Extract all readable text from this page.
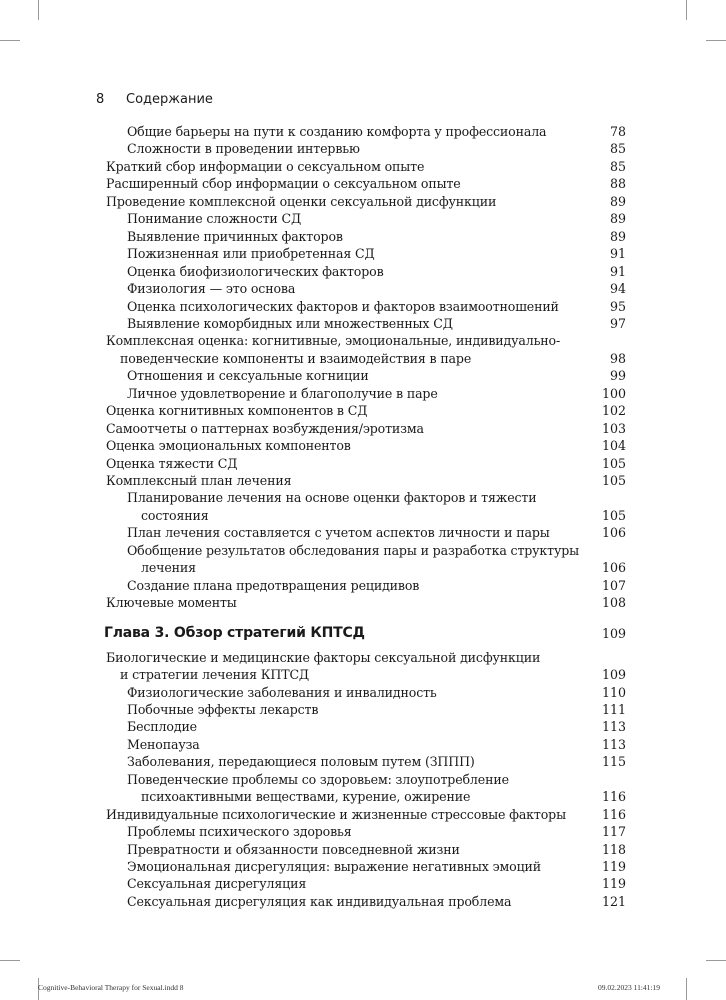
8 Содержание
Общие барьеры на пути к созданию комфорта у профессионала	78
Сложности в проведении интервью	85
Краткий сбор информации о сексуальном опыте	85
Расширенный сбор информации о сексуальном опыте	88
Проведение комплексной оценки сексуальной дисфункции	89
Понимание сложности СД	89
Выявление причинных факторов	89
Пожизненная или приобретенная СД	91
Оценка биофизиологических факторов	91
Физиология — это основа	94
Оценка психологических факторов и факторов взаимоотношений	95
Выявление коморбидных или множественных СД	97
Комплексная оценка: когнитивные, эмоциональные, индивидуально-
поведенческие компоненты и взаимодействия в паре	98
Отношения и сексуальные когниции	99
Личное удовлетворение и благополучие в паре	100
Оценка когнитивных компонентов в СД	102
Самоотчеты о паттернах возбуждения/эротизма	103
Оценка эмоциональных компонентов	104
Оценка тяжести СД	105
Комплексный план лечения	105
Планирование лечения на основе оценки факторов и тяжести
состояния	105
План лечения составляется с учетом аспектов личности и пары	106
Обобщение результатов обследования пары и разработка структуры
лечения	106
Создание плана предотвращения рецидивов	107
Ключевые моменты	108
Глава 3. Обзор стратегий КПТСД	109
Биологические и медицинские факторы сексуальной дисфункции
и стратегии лечения КПТСД	109
Физиологические заболевания и инвалидность	110
Побочные эффекты лекарств	111
Бесплодие	113
Менопауза	113
Заболевания, передающиеся половым путем (ЗППП)	115
Поведенческие проблемы со здоровьем: злоупотребление
психоактивными веществами, курение, ожирение	116
Индивидуальные психологические и жизненные стрессовые факторы	116
Проблемы психического здоровья	117
Превратности и обязанности повседневной жизни	118
Эмоциональная дисрегуляция: выражение негативных эмоций	119
Сексуальная дисрегуляция	119
Сексуальная дисрегуляция как индивидуальная проблема	121
Cognitive-Behavioral Therapy for Sexual.indd 8	09.02.2023 11:41:19
